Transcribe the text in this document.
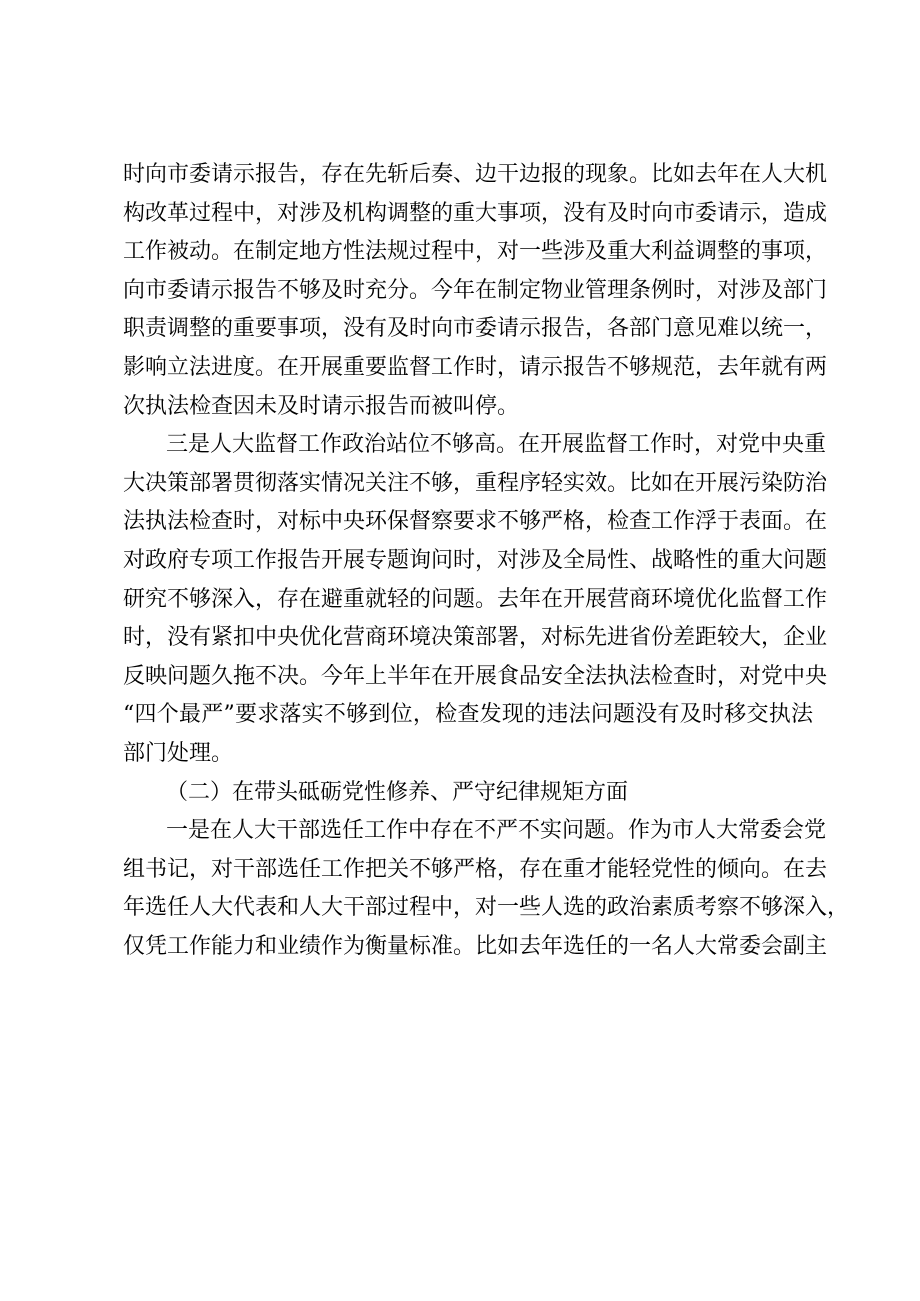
时向市委请示报告，存在先斩后奏、边干边报的现象。比如去年在人大机
构改革过程中，对涉及机构调整的重大事项，没有及时向市委请示，造成
工作被动。在制定地方性法规过程中，对一些涉及重大利益调整的事项，
向市委请示报告不够及时充分。今年在制定物业管理条例时，对涉及部门
职责调整的重要事项，没有及时向市委请示报告，各部门意见难以统一，
影响立法进度。在开展重要监督工作时，请示报告不够规范，去年就有两
次执法检查因未及时请示报告而被叫停。
三是人大监督工作政治站位不够高。在开展监督工作时，对党中央重
大决策部署贯彻落实情况关注不够，重程序轻实效。比如在开展污染防治
法执法检查时，对标中央环保督察要求不够严格，检查工作浮于表面。在
对政府专项工作报告开展专题询问时，对涉及全局性、战略性的重大问题
研究不够深入，存在避重就轻的问题。去年在开展营商环境优化监督工作
时，没有紧扣中央优化营商环境决策部署，对标先进省份差距较大，企业
反映问题久拖不决。今年上半年在开展食品安全法执法检查时，对党中央
“四个最严”要求落实不够到位，检查发现的违法问题没有及时移交执法
部门处理。
（二）在带头砥砺党性修养、严守纪律规矩方面
一是在人大干部选任工作中存在不严不实问题。作为市人大常委会党
组书记，对干部选任工作把关不够严格，存在重才能轻党性的倾向。在去
年选任人大代表和人大干部过程中，对一些人选的政治素质考察不够深入，
仅凭工作能力和业绩作为衡量标准。比如去年选任的一名人大常委会副主
